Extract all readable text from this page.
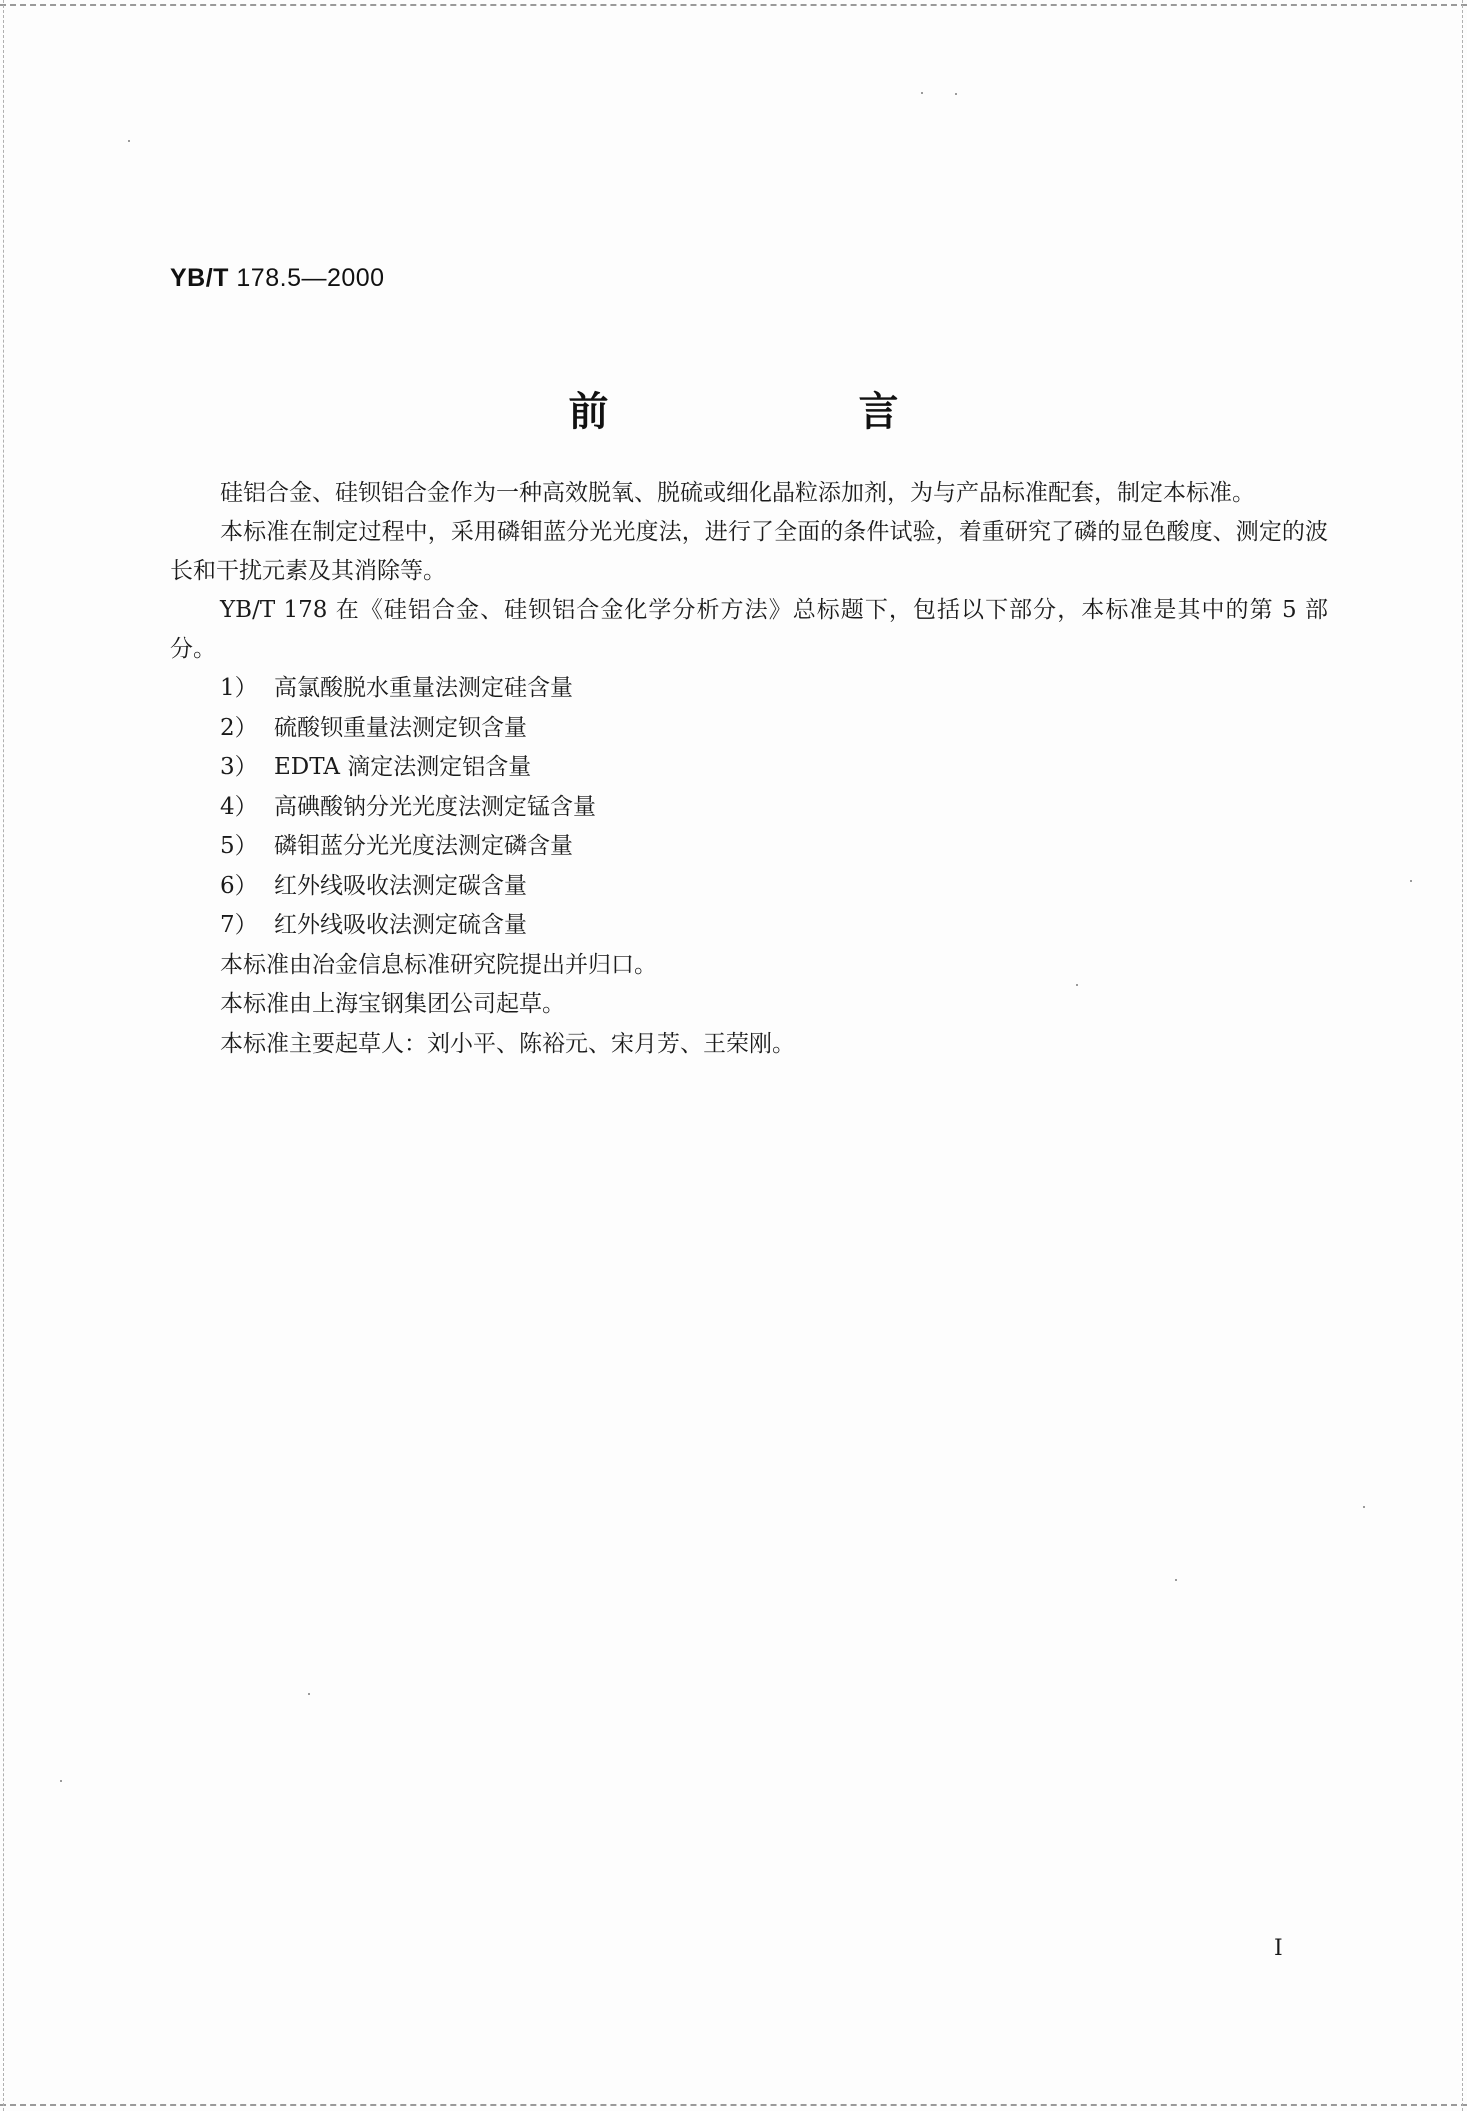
YB/T 178.5—2000
前 言

硅铝合金、硅钡铝合金作为一种高效脱氧、脱硫或细化晶粒添加剂，为与产品标准配套，制定本标准。

本标准在制定过程中，采用磷钼蓝分光光度法，进行了全面的条件试验，着重研究了磷的显色酸度、测定的波长和干扰元素及其消除等。

YB/T 178 在《硅铝合金、硅钡铝合金化学分析方法》总标题下，包括以下部分，本标准是其中的第 5 部分。

1） 高氯酸脱水重量法测定硅含量
2） 硫酸钡重量法测定钡含量
3） EDTA 滴定法测定铝含量
4） 高碘酸钠分光光度法测定锰含量
5） 磷钼蓝分光光度法测定磷含量
6） 红外线吸收法测定碳含量
7） 红外线吸收法测定硫含量

本标准由冶金信息标准研究院提出并归口。

本标准由上海宝钢集团公司起草。

本标准主要起草人：刘小平、陈裕元、宋月芳、王荣刚。

I
